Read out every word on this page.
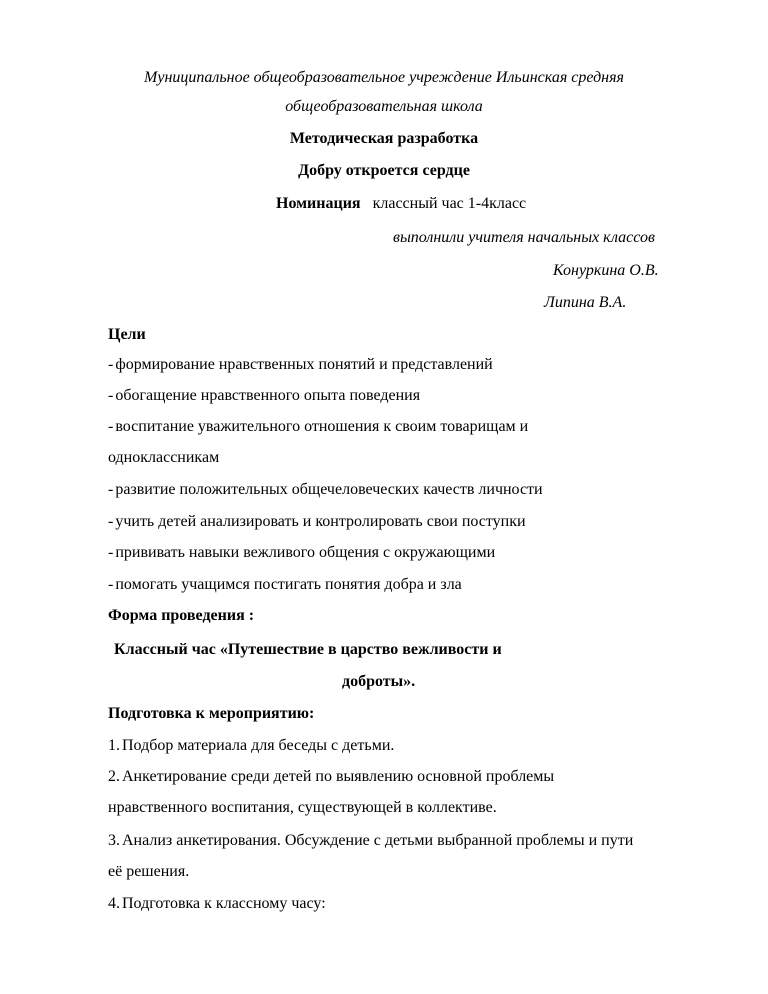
Муниципальное общеобразовательное учреждение Ильинская средняя
общеобразовательная школа
Методическая разработка
Добру откроется сердце
Номинация классный час 1-4класс
выполнили учителя начальных классов
Конуркина О.В.
Липина В.А.
Цели
- формирование нравственных понятий и представлений
- обогащение нравственного опыта поведения
- воспитание уважительного отношения к своим товарищам и
одноклассникам
- развитие положительных общечеловеческих качеств личности
- учить детей анализировать и контролировать свои поступки
- прививать навыки вежливого общения с окружающими
- помогать учащимся постигать понятия добра и зла
Форма проведения :
Классный час «Путешествие в царство вежливости и
доброты».
Подготовка к мероприятию:
1. Подбор материала для беседы с детьми.
2. Анкетирование среди детей по выявлению основной проблемы
нравственного воспитания, существующей в коллективе.
3. Анализ анкетирования. Обсуждение с детьми выбранной проблемы и пути
её решения.
4. Подготовка к классному часу:
